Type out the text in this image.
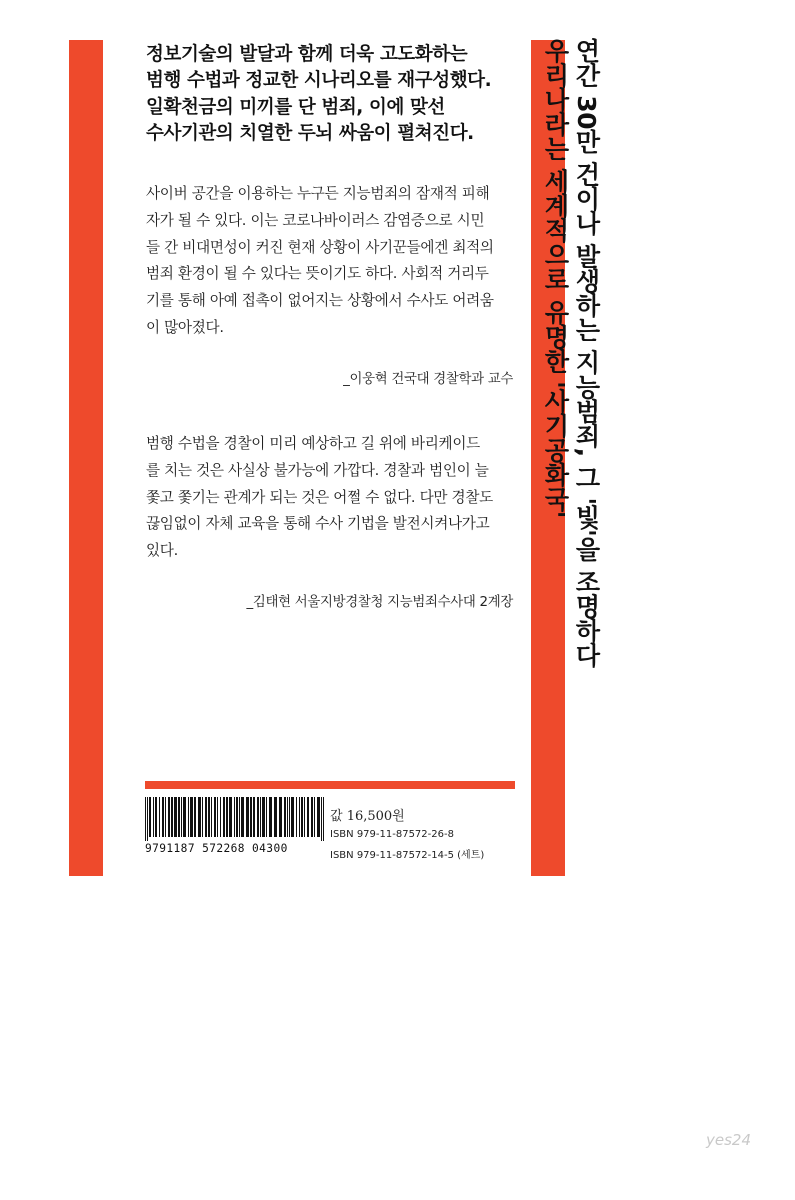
정보기술의 발달과 함께 더욱 고도화하는
범행 수법과 정교한 시나리오를 재구성했다.
일확천금의 미끼를 단 범죄, 이에 맞선
수사기관의 치열한 두뇌 싸움이 펼쳐진다.
사이버 공간을 이용하는 누구든 지능범죄의 잠재적 피해
자가 될 수 있다. 이는 코로나바이러스 감염증으로 시민
들 간 비대면성이 커진 현재 상황이 사기꾼들에겐 최적의
범죄 환경이 될 수 있다는 뜻이기도 하다. 사회적 거리두
기를 통해 아예 접촉이 없어지는 상황에서 수사도 어려움
이 많아졌다.
_이웅혁 건국대 경찰학과 교수
범행 수법을 경찰이 미리 예상하고 길 위에 바리케이드
를 치는 것은 사실상 불가능에 가깝다. 경찰과 범인이 늘
쫓고 쫓기는 관계가 되는 것은 어쩔 수 없다. 다만 경찰도
끊임없이 자체 교육을 통해 수사 기법을 발전시켜나가고
있다.
_김태현 서울지방경찰청 지능범죄수사대 2계장 연간 30만 건이나 발생하는 지능범죄, 그 '빛'을 조명하다
우리나라는 세계적으로 유명한 '사기공화국'
9791187 572268 04300
값 16,500원
ISBN 979-11-87572-26-8
ISBN 979-11-87572-14-5 (세트)
yes24
